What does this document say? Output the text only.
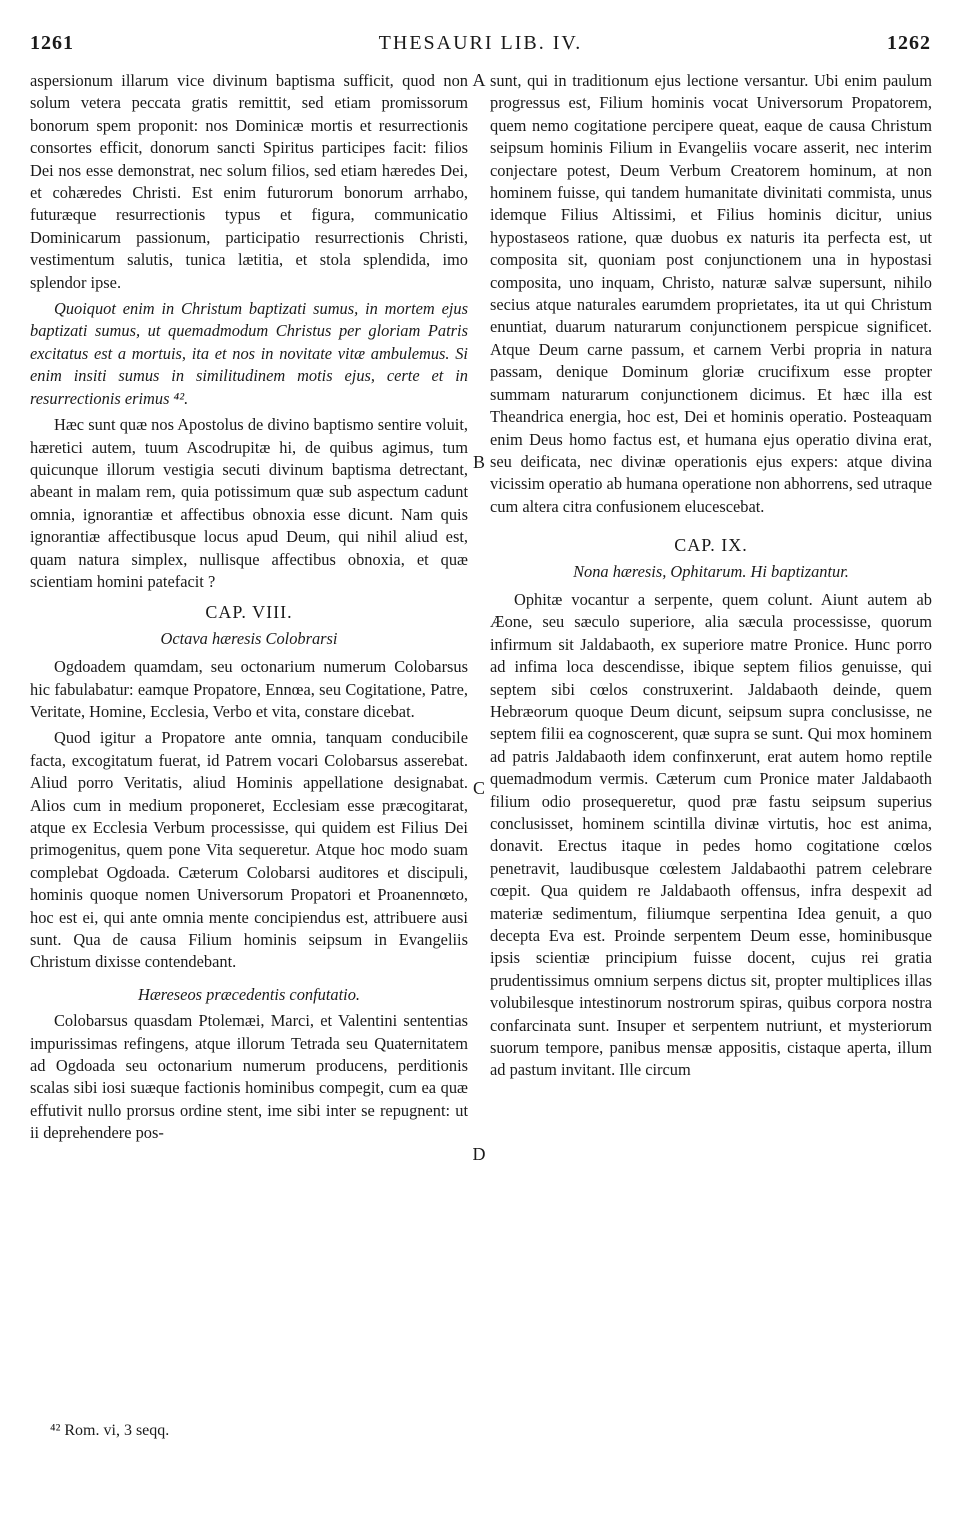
1261	THESAURI LIB. IV.	1262

aspersionum illarum vice divinum baptisma sufficit, quod non solum vetera peccata gratis remittit, sed etiam promissorum bonorum spem proponit: nos Dominicæ mortis et resurrectionis consortes efficit, donorum sancti Spiritus participes facit: filios Dei nos esse demonstrat, nec solum filios, sed etiam hæredes Dei, et cohæredes Christi. Est enim futurorum bonorum arrhabo, futuræque resurrectionis typus et figura, communicatio Dominicarum passionum, participatio resurrectionis Christi, vestimentum salutis, tunica lætitia, et stola splendida, imo splendor ipse.

Quoiquot enim in Christum baptizati sumus, in mortem ejus baptizati sumus, ut quemadmodum Christus per gloriam Patris excitatus est a mortuis, ita et nos in novitate vitæ ambulemus. Si enim insiti sumus in similitudinem motis ejus, certe et in resurrectionis erimus ⁴².

Hæc sunt quæ nos Apostolus de divino baptismo sentire voluit, hæretici autem, tuum Ascodrupitæ hi, de quibus agimus, tum quicunque illorum vestigia secuti divinum baptisma detrectant, abeant in malam rem, quia potissimum quæ sub aspectum cadunt omnia, ignorantiæ et affectibus obnoxia esse dicunt. Nam quis ignorantiæ affectibusque locus apud Deum, qui nihil aliud est, quam natura simplex, nullisque affectibus obnoxia, et quæ scientiam homini patefacit ?

CAP. VIII.
Octava hæresis Colobrarsi

Ogdoadem quamdam, seu octonarium numerum Colobarsus hic fabulabatur: eamque Propatore, Ennœa, seu Cogitatione, Patre, Veritate, Homine, Ecclesia, Verbo et vita, constare dicebat.

Quod igitur a Propatore ante omnia, tanquam conducibile facta, excogitatum fuerat, id Patrem vocari Colobarsus asserebat. Aliud porro Veritatis, aliud Hominis appellatione designabat. Alios cum in medium proponeret, Ecclesiam esse præcogitarat, atque ex Ecclesia Verbum processisse, qui quidem est Filius Dei primogenitus, quem pone Vita sequeretur. Atque hoc modo suam complebat Ogdoada. Cæterum Colobarsi auditores et discipuli, hominis quoque nomen Universorum Propatori et Proanennœto, hoc est ei, qui ante omnia mente concipiendus est, attribuere ausi sunt. Qua de causa Filium hominis seipsum in Evangeliis Christum dixisse contendebant.

Hæreseos præcedentis confutatio.

Colobarsus quasdam Ptolemæi, Marci, et Valentini sententias impurissimas refingens, atque illorum Tetrada seu Quaternitatem ad Ogdoada seu octonarium numerum producens, perditionis scalas sibi iosi suæque factionis hominibus compegit, cum ea quæ effutivit nullo prorsus ordine stent, ime sibi inter se repugnent: ut ii deprehendere pos-

A
B
C
D

sunt, qui in traditionum ejus lectione versantur. Ubi enim paulum progressus est, Filium hominis vocat Universorum Propatorem, quem nemo cogitatione percipere queat, eaque de causa Christum seipsum hominis Filium in Evangeliis vocare asserit, nec interim conjectare potest, Deum Verbum Creatorem hominum, at non hominem fuisse, qui tandem humanitate divinitati commista, unus idemque Filius Altissimi, et Filius hominis dicitur, unius hypostaseos ratione, quæ duobus ex naturis ita perfecta est, ut composita sit, quoniam post conjunctionem una in hypostasi composita, uno inquam, Christo, naturæ salvæ supersunt, nihilo secius atque naturales earumdem proprietates, ita ut qui Christum enuntiat, duarum naturarum conjunctionem perspicue significet. Atque Deum carne passum, et carnem Verbi propria in natura passam, denique Dominum gloriæ crucifixum esse propter summam naturarum conjunctionem dicimus. Et hæc illa est Theandrica energia, hoc est, Dei et hominis operatio. Posteaquam enim Deus homo factus est, et humana ejus operatio divina erat, seu deificata, nec divinæ operationis ejus expers: atque divina vicissim operatio ab humana operatione non abhorrens, sed utraque cum altera citra confusionem elucescebat.

CAP. IX.
Nona hæresis, Ophitarum. Hi baptizantur.

Ophitæ vocantur a serpente, quem colunt. Aiunt autem ab Æone, seu sæculo superiore, alia sæcula processisse, quorum infirmum sit Jaldabaoth, ex superiore matre Pronice. Hunc porro ad infima loca descendisse, ibique septem filios genuisse, qui septem sibi cœlos construxerint. Jaldabaoth deinde, quem Hebræorum quoque Deum dicunt, seipsum supra conclusisse, ne septem filii ea cognoscerent, quæ supra se sunt. Qui mox hominem ad patris Jaldabaoth idem confinxerunt, erat autem homo reptile quemadmodum vermis. Cæterum cum Pronice mater Jaldabaoth filium odio prosequeretur, quod præ fastu seipsum superius conclusisset, hominem scintilla divinæ virtutis, hoc est anima, donavit. Erectus itaque in pedes homo cogitatione cœlos penetravit, laudibusque cœlestem Jaldabaothi patrem celebrare cœpit. Qua quidem re Jaldabaoth offensus, infra despexit ad materiæ sedimentum, filiumque serpentina Idea genuit, a quo decepta Eva est. Proinde serpentem Deum esse, hominibusque ipsis scientiæ principium fuisse docent, cujus rei gratia prudentissimus omnium serpens dictus sit, propter multiplices illas volubilesque intestinorum nostrorum spiras, quibus corpora nostra confarcinata sunt. Insuper et serpentem nutriunt, et mysteriorum suorum tempore, panibus mensæ appositis, cistaque aperta, illum ad pastum invitant. Ille circum

⁴² Rom. vi, 3 seqq.
